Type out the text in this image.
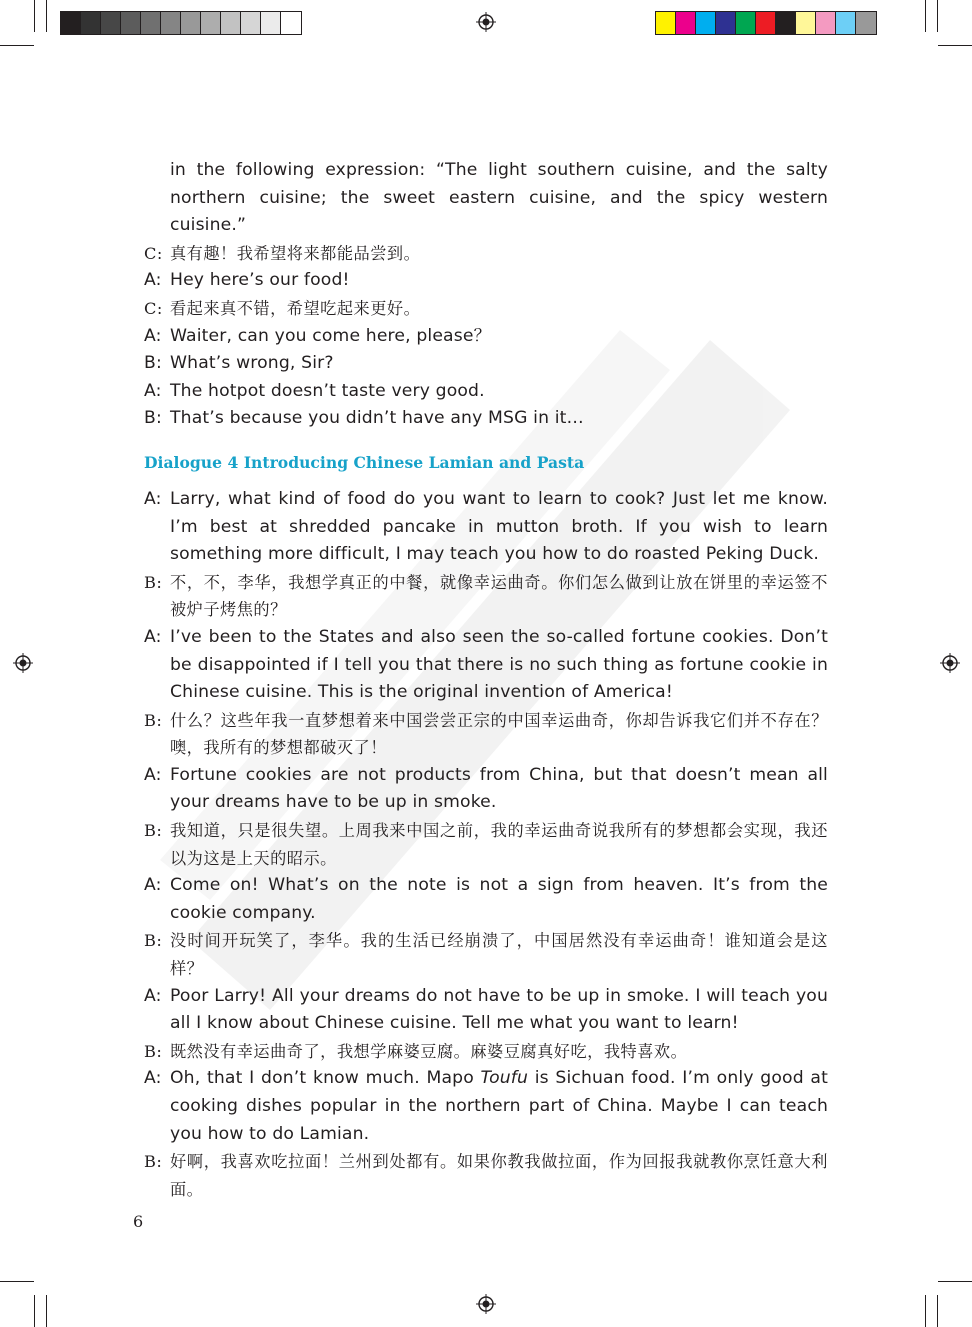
in the following expression: “The light southern cuisine, and the salty northern cuisine; the sweet eastern cuisine, and the spicy western cuisine.”
C: 真有趣！我希望将来都能品尝到。
A: Hey here’s our food!
C: 看起来真不错，希望吃起来更好。
A: Waiter, can you come here, please？
B: What’s wrong, Sir?
A: The hotpot doesn’t taste very good.
B: That’s because you didn’t have any MSG in it…
Dialogue 4 Introducing Chinese Lamian and Pasta
A: Larry, what kind of food do you want to learn to cook? Just let me know. I’m best at shredded pancake in mutton broth. If you wish to learn something more difficult, I may teach you how to do roasted Peking Duck.
B: 不，不，李华，我想学真正的中餐，就像幸运曲奇。你们怎么做到让放在饼里的幸运签不被炉子烤焦的？
A: I’ve been to the States and also seen the so-called fortune cookies. Don’t be disappointed if I tell you that there is no such thing as fortune cookie in Chinese cuisine. This is the original invention of America!
B: 什么？这些年我一直梦想着来中国尝尝正宗的中国幸运曲奇，你却告诉我它们并不存在？噢，我所有的梦想都破灭了！
A: Fortune cookies are not products from China, but that doesn’t mean all your dreams have to be up in smoke.
B: 我知道，只是很失望。上周我来中国之前，我的幸运曲奇说我所有的梦想都会实现，我还以为这是上天的昭示。
A: Come on! What’s on the note is not a sign from heaven. It’s from the cookie company.
B: 没时间开玩笑了，李华。我的生活已经崩溃了，中国居然没有幸运曲奇！谁知道会是这样？
A: Poor Larry! All your dreams do not have to be up in smoke. I will teach you all I know about Chinese cuisine. Tell me what you want to learn!
B: 既然没有幸运曲奇了，我想学麻婆豆腐。麻婆豆腐真好吃，我特喜欢。
A: Oh, that I don’t know much. Mapo Toufu is Sichuan food. I’m only good at cooking dishes popular in the northern part of China. Maybe I can teach you how to do Lamian.
B: 好啊，我喜欢吃拉面！兰州到处都有。如果你教我做拉面，作为回报我就教你烹饪意大利面。
6
